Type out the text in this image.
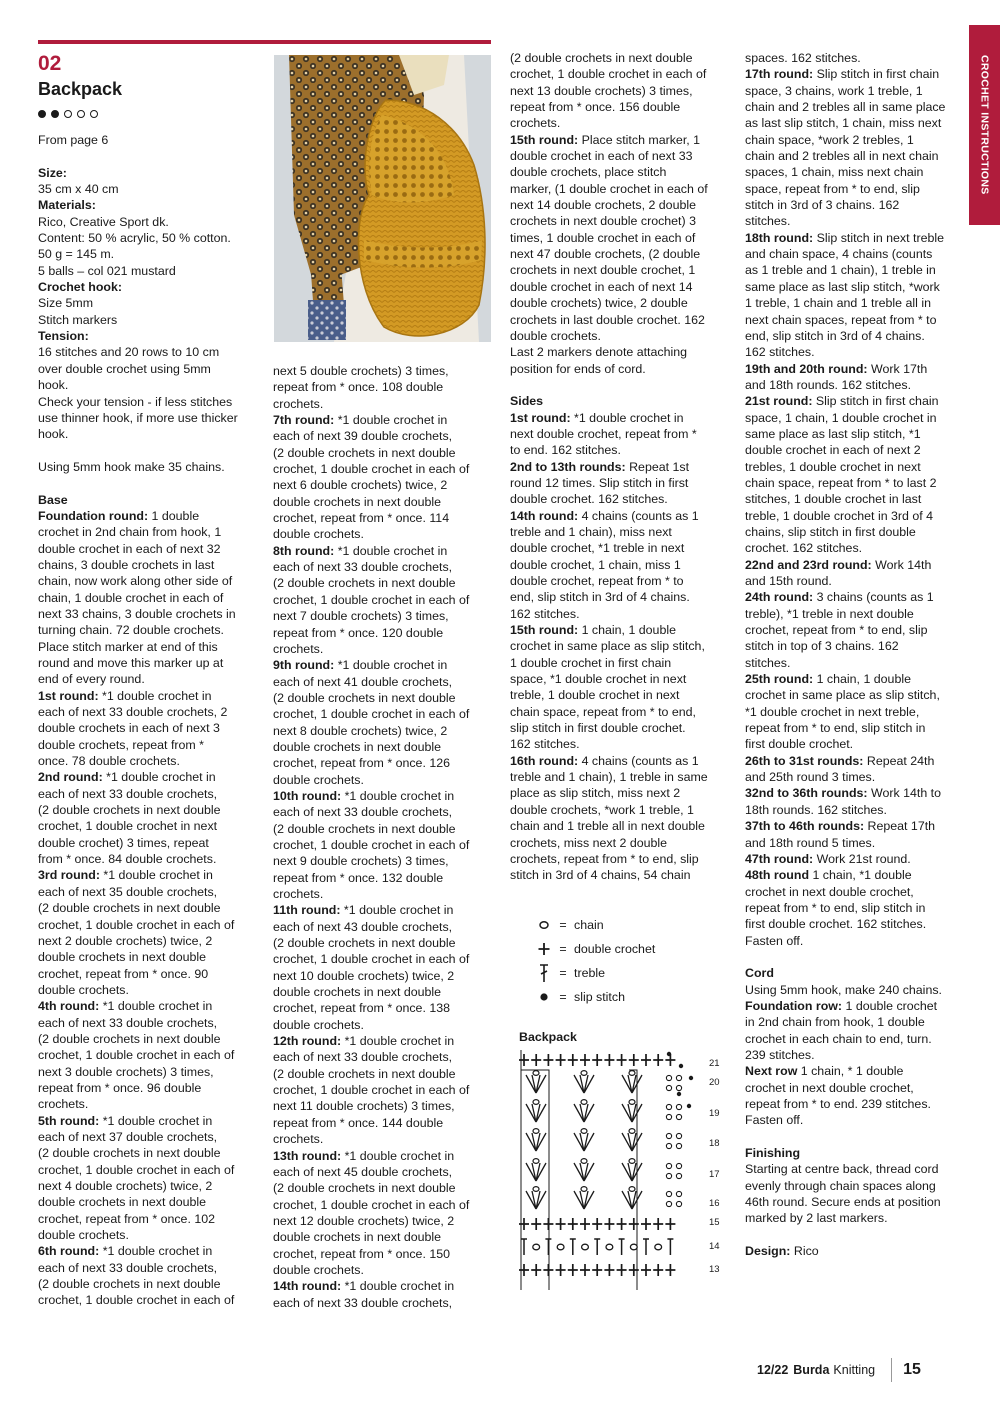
02
Backpack	CROCHET INSTRUCTIONS

From page 6

Size:

35 cm x 40 cm

Materials:

Rico, Creative Sport dk.

Content: 50 % acrylic, 50 % cotton.

50 g = 145 m.

5 balls – col 021 mustard

Crochet hook:

Size 5mm

Stitch markers

Tension:

16 stitches and 20 rows to 10 cm

over double crochet using 5mm

hook.

Check your tension - if less stitches

use thinner hook, if more use thicker

hook.

Using 5mm hook make 35 chains.

Base

Foundation round: 1 double

crochet in 2nd chain from hook, 1

double crochet in each of next 32

chains, 3 double crochets in last

chain, now work along other side of

chain, 1 double crochet in each of

next 33 chains, 3 double crochets in

turning chain. 72 double crochets.

Place stitch marker at end of this

round and move this marker up at

end of every round.

1st round: *1 double crochet in

each of next 33 double crochets, 2

double crochets in each of next 3

double crochets, repeat from *

once. 78 double crochets.

2nd round: *1 double crochet in

each of next 33 double crochets,

(2 double crochets in next double

crochet, 1 double crochet in next

double crochet) 3 times, repeat

from * once. 84 double crochets.

3rd round: *1 double crochet in

each of next 35 double crochets,

(2 double crochets in next double

crochet, 1 double crochet in each of

next 2 double crochets) twice, 2

double crochets in next double

crochet, repeat from * once. 90

double crochets.

4th round: *1 double crochet in

each of next 33 double crochets,

(2 double crochets in next double

crochet, 1 double crochet in each of

next 3 double crochets) 3 times,

repeat from * once. 96 double

crochets.

5th round: *1 double crochet in

each of next 37 double crochets,

(2 double crochets in next double

crochet, 1 double crochet in each of

next 4 double crochets) twice, 2

double crochets in next double

crochet, repeat from * once. 102

double crochets.

6th round: *1 double crochet in

each of next 33 double crochets,

(2 double crochets in next double

crochet, 1 double crochet in each of

next 5 double crochets) 3 times,

repeat from * once. 108 double

crochets.

7th round: *1 double crochet in

each of next 39 double crochets,

(2 double crochets in next double

crochet, 1 double crochet in each of

next 6 double crochets) twice, 2

double crochets in next double

crochet, repeat from * once. 114

double crochets.

8th round: *1 double crochet in

each of next 33 double crochets,

(2 double crochets in next double

crochet, 1 double crochet in each of

next 7 double crochets) 3 times,

repeat from * once. 120 double

crochets.

9th round: *1 double crochet in

each of next 41 double crochets,

(2 double crochets in next double

crochet, 1 double crochet in each of

next 8 double crochets) twice, 2

double crochets in next double

crochet, repeat from * once. 126

double crochets.

10th round: *1 double crochet in

each of next 33 double crochets,

(2 double crochets in next double

crochet, 1 double crochet in each of

next 9 double crochets) 3 times,

repeat from * once. 132 double

crochets.

11th round: *1 double crochet in

each of next 43 double crochets,

(2 double crochets in next double

crochet, 1 double crochet in each of

next 10 double crochets) twice, 2

double crochets in next double

crochet, repeat from * once. 138

double crochets.

12th round: *1 double crochet in

each of next 33 double crochets,

(2 double crochets in next double

crochet, 1 double crochet in each of

next 11 double crochets) 3 times,

repeat from * once. 144 double

crochets.

13th round: *1 double crochet in

each of next 45 double crochets,

(2 double crochets in next double

crochet, 1 double crochet in each of

next 12 double crochets) twice, 2

double crochets in next double

crochet, repeat from * once. 150

double crochets.

14th round: *1 double crochet in

each of next 33 double crochets,

(2 double crochets in next double

crochet, 1 double crochet in each of

next 13 double crochets) 3 times,

repeat from * once. 156 double

crochets.

15th round: Place stitch marker, 1

double crochet in each of next 33

double crochets, place stitch

marker, (1 double crochet in each of

next 14 double crochets, 2 double

crochets in next double crochet) 3

times, 1 double crochet in each of

next 47 double crochets, (2 double

crochets in next double crochet, 1

double crochet in each of next 14

double crochets) twice, 2 double

crochets in last double crochet. 162

double crochets.

Last 2 markers denote attaching

position for ends of cord.

Sides

1st round: *1 double crochet in

next double crochet, repeat from *

to end. 162 stitches.

2nd to 13th rounds: Repeat 1st

round 12 times. Slip stitch in first

double crochet. 162 stitches.

14th round: 4 chains (counts as 1

treble and 1 chain), miss next

double crochet, *1 treble in next

double crochet, 1 chain, miss 1

double crochet, repeat from * to

end, slip stitch in 3rd of 4 chains.

162 stitches.

15th round: 1 chain, 1 double

crochet in same place as slip stitch,

1 double crochet in first chain

space, *1 double crochet in next

treble, 1 double crochet in next

chain space, repeat from * to end,

slip stitch in first double crochet.

162 stitches.

16th round: 4 chains (counts as 1

treble and 1 chain), 1 treble in same

place as slip stitch, miss next 2

double crochets, *work 1 treble, 1

chain and 1 treble all in next double

crochets, miss next 2 double

crochets, repeat from * to end, slip

stitch in 3rd of 4 chains, 54 chain

spaces. 162 stitches.

17th round: Slip stitch in first chain

space, 3 chains, work 1 treble, 1

chain and 2 trebles all in same place

as last slip stitch, 1 chain, miss next

chain space, *work 2 trebles, 1

chain and 2 trebles all in next chain

spaces, 1 chain, miss next chain

space, repeat from * to end, slip

stitch in 3rd of 3 chains. 162

stitches.

18th round: Slip stitch in next treble

and chain space, 4 chains (counts

as 1 treble and 1 chain), 1 treble in

same place as last slip stitch, *work

1 treble, 1 chain and 1 treble all in

next chain spaces, repeat from * to

end, slip stitch in 3rd of 4 chains.

162 stitches.

19th and 20th round: Work 17th

and 18th rounds. 162 stitches.

21st round: Slip stitch in first chain

space, 1 chain, 1 double crochet in

same place as last slip stitch, *1

double crochet in each of next 2

trebles, 1 double crochet in next

chain space, repeat from * to last 2

stitches, 1 double crochet in last

treble, 1 double crochet in 3rd of 4

chains, slip stitch in first double

crochet. 162 stitches.

22nd and 23rd round: Work 14th

and 15th round.

24th round: 3 chains (counts as 1

treble), *1 treble in next double

crochet, repeat from * to end, slip

stitch in top of 3 chains. 162

stitches.

25th round: 1 chain, 1 double

crochet in same place as slip stitch,

*1 double crochet in next treble,

repeat from * to end, slip stitch in

first double crochet.

26th to 31st rounds: Repeat 24th

and 25th round 3 times.

32nd to 36th rounds: Work 14th to

18th rounds. 162 stitches.

37th to 46th rounds: Repeat 17th

and 18th round 5 times.

47th round: Work 21st round.

48th round 1 chain, *1 double

crochet in next double crochet,

repeat from * to end, slip stitch in

first double crochet. 162 stitches.

Fasten off.

Cord

Using 5mm hook, make 240 chains.

Foundation row: 1 double crochet

in 2nd chain from hook, 1 double

crochet in each chain to end, turn.

239 stitches.

Next row 1 chain, * 1 double

crochet in next double crochet,

repeat from * to end. 239 stitches.

Fasten off.

Finishing

Starting at centre back, thread cord

evenly through chain spaces along

46th round. Secure ends at position

marked by 2 last markers.

Design: Rico

= chain
= double crochet
= treble
= slip stitch
Backpack
21
20
19
18
17
16
15
14
13
12/22 Burda Knitting 15
